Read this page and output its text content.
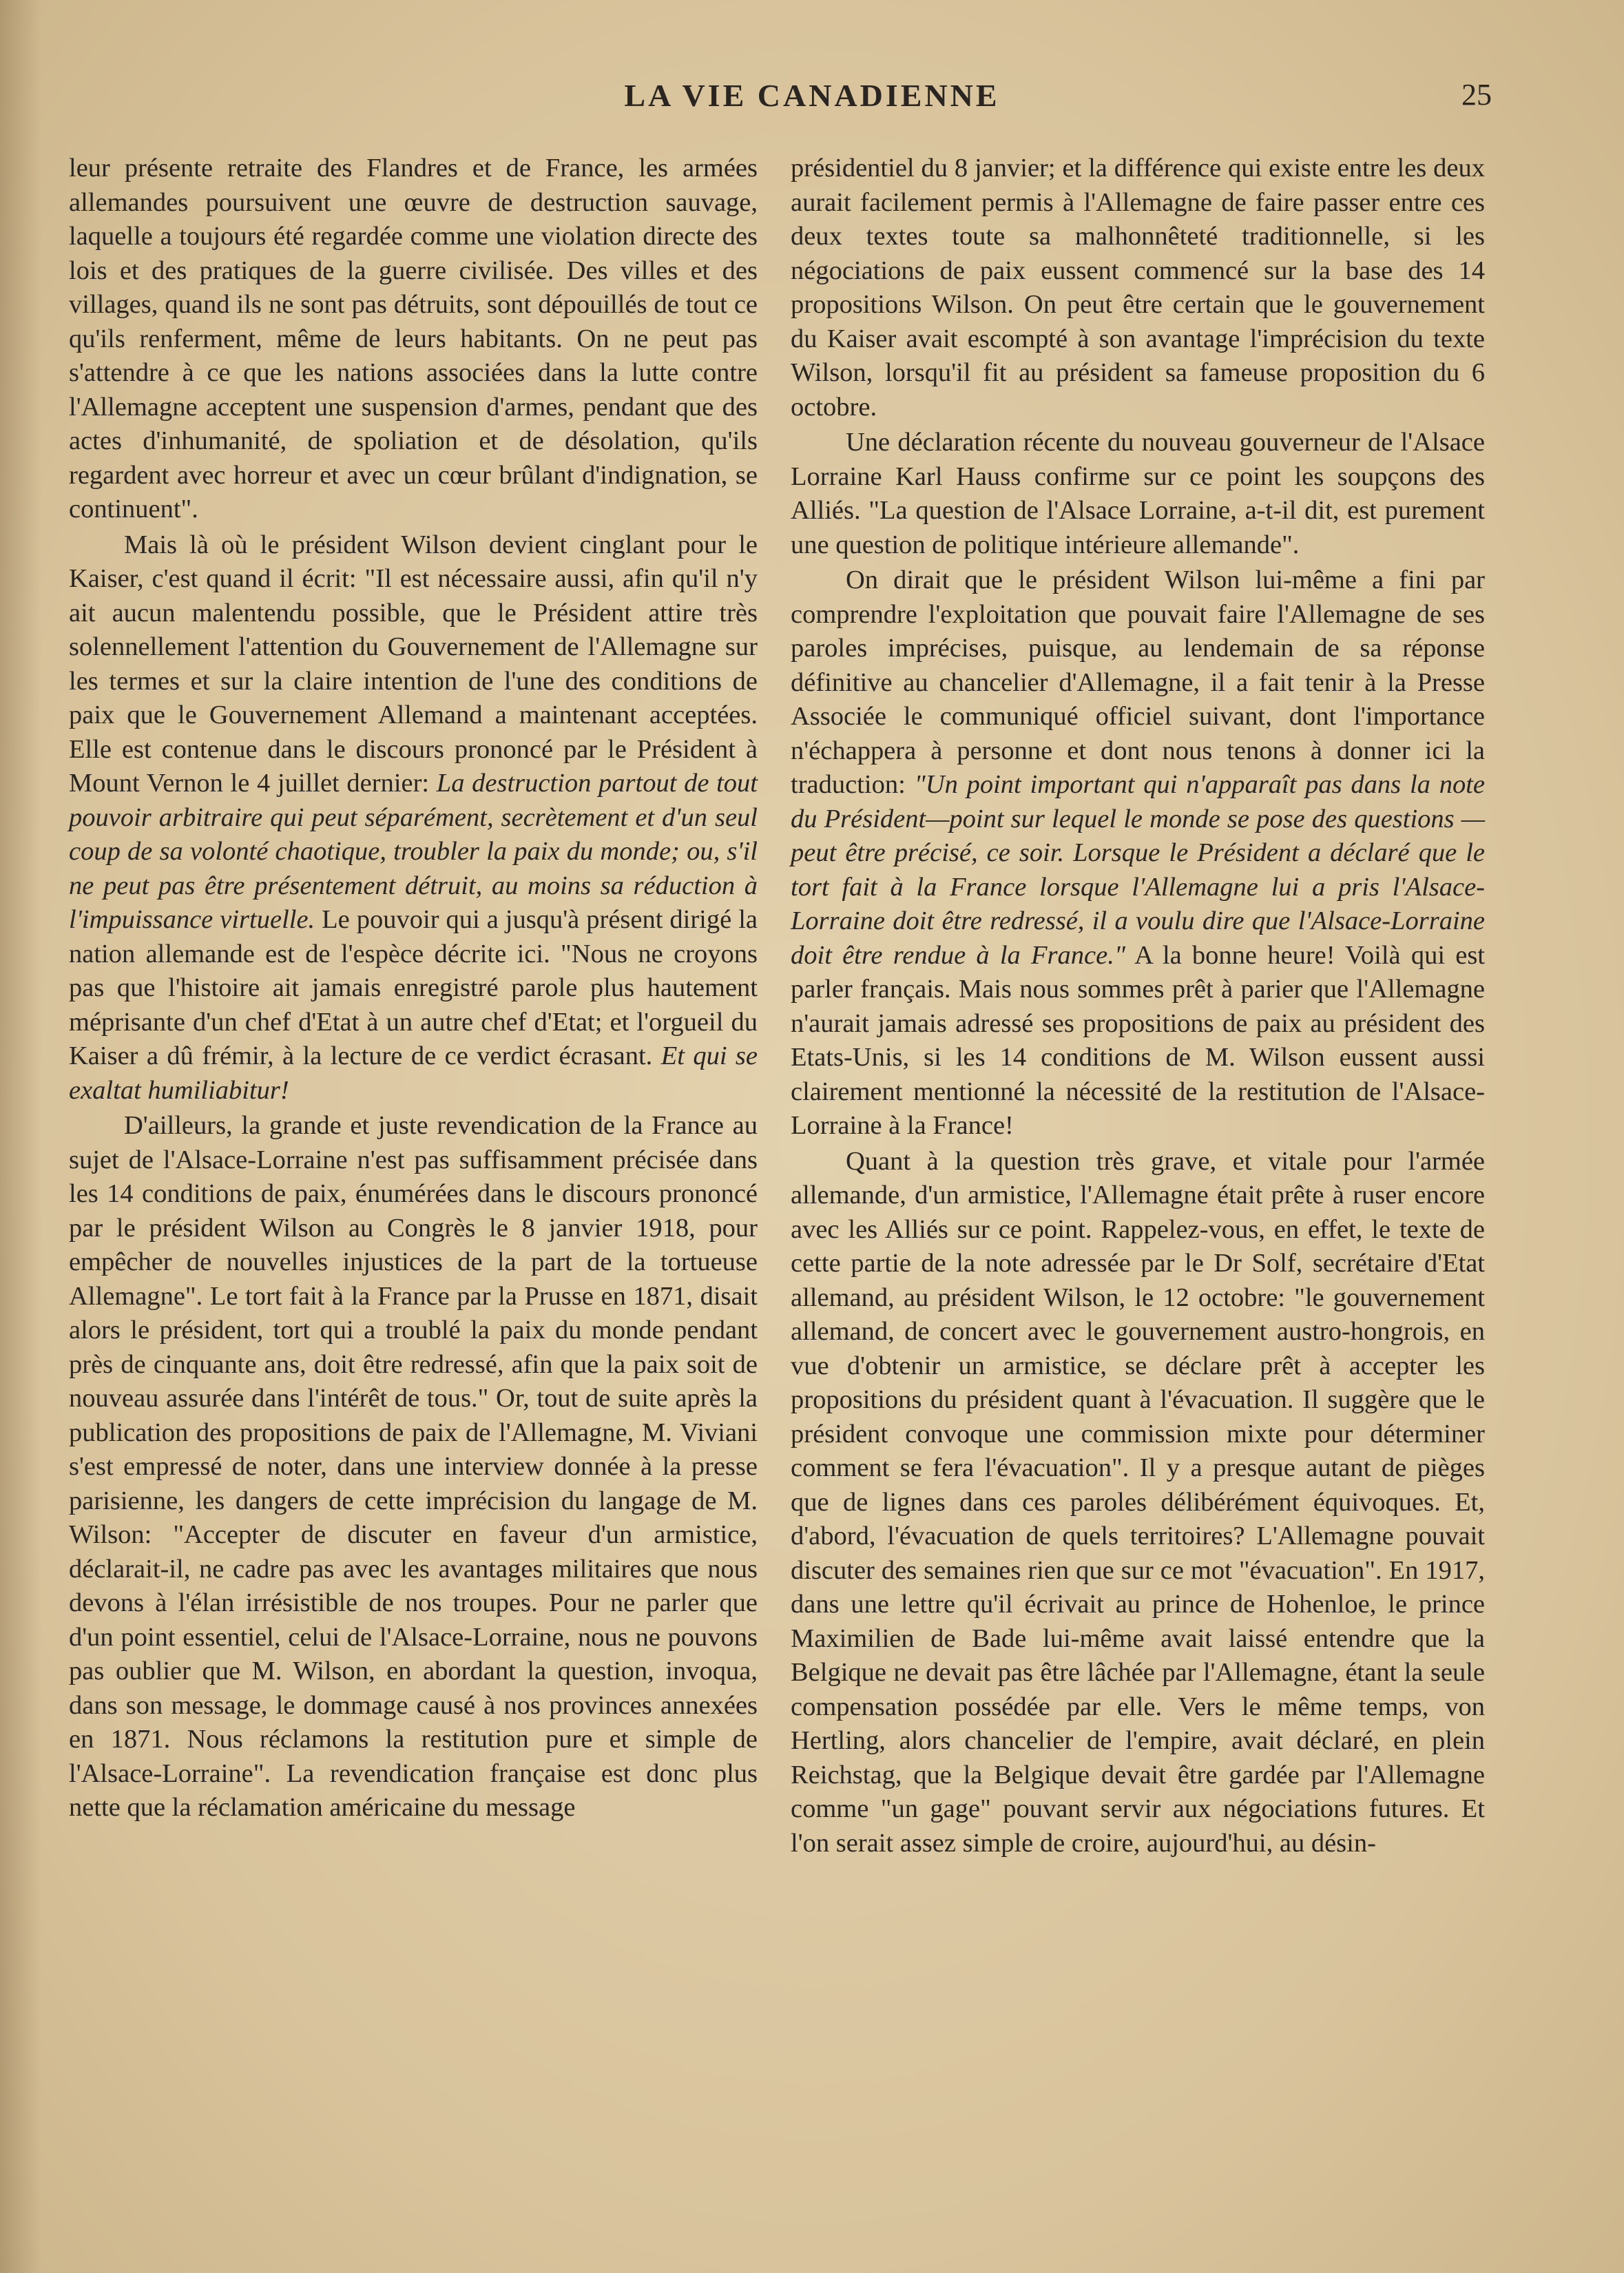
LA VIE CANADIENNE	25

leur présente retraite des Flandres et de France, les armées allemandes poursuivent une œuvre de destruction sauvage, laquelle a toujours été regardée comme une violation directe des lois et des pratiques de la guerre civilisée. Des villes et des villages, quand ils ne sont pas détruits, sont dépouillés de tout ce qu'ils renferment, même de leurs habitants. On ne peut pas s'attendre à ce que les nations associées dans la lutte contre l'Allemagne acceptent une suspension d'armes, pendant que des actes d'inhumanité, de spoliation et de désolation, qu'ils regardent avec horreur et avec un cœur brûlant d'indignation, se continuent".

Mais là où le président Wilson devient cinglant pour le Kaiser, c'est quand il écrit: "Il est nécessaire aussi, afin qu'il n'y ait aucun malentendu possible, que le Président attire très solennellement l'attention du Gouvernement de l'Allemagne sur les termes et sur la claire intention de l'une des conditions de paix que le Gouvernement Allemand a maintenant acceptées. Elle est contenue dans le discours prononcé par le Président à Mount Vernon le 4 juillet dernier: La destruction partout de tout pouvoir arbitraire qui peut séparément, secrètement et d'un seul coup de sa volonté chaotique, troubler la paix du monde; ou, s'il ne peut pas être présentement détruit, au moins sa réduction à l'impuissance virtuelle. Le pouvoir qui a jusqu'à présent dirigé la nation allemande est de l'espèce décrite ici. "Nous ne croyons pas que l'histoire ait jamais enregistré parole plus hautement méprisante d'un chef d'Etat à un autre chef d'Etat; et l'orgueil du Kaiser a dû frémir, à la lecture de ce verdict écrasant. Et qui se exaltat humiliabitur!

D'ailleurs, la grande et juste revendication de la France au sujet de l'Alsace-Lorraine n'est pas suffisamment précisée dans les 14 conditions de paix, énumérées dans le discours prononcé par le président Wilson au Congrès le 8 janvier 1918, pour empêcher de nouvelles injustices de la part de la tortueuse Allemagne". Le tort fait à la France par la Prusse en 1871, disait alors le président, tort qui a troublé la paix du monde pendant près de cinquante ans, doit être redressé, afin que la paix soit de nouveau assurée dans l'intérêt de tous." Or, tout de suite après la publication des propositions de paix de l'Allemagne, M. Viviani s'est empressé de noter, dans une interview donnée à la presse parisienne, les dangers de cette imprécision du langage de M. Wilson: "Accepter de discuter en faveur d'un armistice, déclarait-il, ne cadre pas avec les avantages militaires que nous devons à l'élan irrésistible de nos troupes. Pour ne parler que d'un point essentiel, celui de l'Alsace-Lorraine, nous ne pouvons pas oublier que M. Wilson, en abordant la question, invoqua, dans son message, le dommage causé à nos provinces annexées en 1871. Nous réclamons la restitution pure et simple de l'Alsace-Lorraine". La revendication française est donc plus nette que la réclamation américaine du message

présidentiel du 8 janvier; et la différence qui existe entre les deux aurait facilement permis à l'Allemagne de faire passer entre ces deux textes toute sa malhonnêteté traditionnelle, si les négociations de paix eussent commencé sur la base des 14 propositions Wilson. On peut être certain que le gouvernement du Kaiser avait escompté à son avantage l'imprécision du texte Wilson, lorsqu'il fit au président sa fameuse proposition du 6 octobre.

Une déclaration récente du nouveau gouverneur de l'Alsace Lorraine Karl Hauss confirme sur ce point les soupçons des Alliés. "La question de l'Alsace Lorraine, a-t-il dit, est purement une question de politique intérieure allemande".

On dirait que le président Wilson lui-même a fini par comprendre l'exploitation que pouvait faire l'Allemagne de ses paroles imprécises, puisque, au lendemain de sa réponse définitive au chancelier d'Allemagne, il a fait tenir à la Presse Associée le communiqué officiel suivant, dont l'importance n'échappera à personne et dont nous tenons à donner ici la traduction: "Un point important qui n'apparaît pas dans la note du Président—point sur lequel le monde se pose des questions —peut être précisé, ce soir. Lorsque le Président a déclaré que le tort fait à la France lorsque l'Allemagne lui a pris l'Alsace-Lorraine doit être redressé, il a voulu dire que l'Alsace-Lorraine doit être rendue à la France." A la bonne heure! Voilà qui est parler français. Mais nous sommes prêt à parier que l'Allemagne n'aurait jamais adressé ses propositions de paix au président des Etats-Unis, si les 14 conditions de M. Wilson eussent aussi clairement mentionné la nécessité de la restitution de l'Alsace-Lorraine à la France!

Quant à la question très grave, et vitale pour l'armée allemande, d'un armistice, l'Allemagne était prête à ruser encore avec les Alliés sur ce point. Rappelez-vous, en effet, le texte de cette partie de la note adressée par le Dr Solf, secrétaire d'Etat allemand, au président Wilson, le 12 octobre: "le gouvernement allemand, de concert avec le gouvernement austro-hongrois, en vue d'obtenir un armistice, se déclare prêt à accepter les propositions du président quant à l'évacuation. Il suggère que le président convoque une commission mixte pour déterminer comment se fera l'évacuation". Il y a presque autant de pièges que de lignes dans ces paroles délibérément équivoques. Et, d'abord, l'évacuation de quels territoires? L'Allemagne pouvait discuter des semaines rien que sur ce mot "évacuation". En 1917, dans une lettre qu'il écrivait au prince de Hohenloe, le prince Maximilien de Bade lui-même avait laissé entendre que la Belgique ne devait pas être lâchée par l'Allemagne, étant la seule compensation possédée par elle. Vers le même temps, von Hertling, alors chancelier de l'empire, avait déclaré, en plein Reichstag, que la Belgique devait être gardée par l'Allemagne comme "un gage" pouvant servir aux négociations futures. Et l'on serait assez simple de croire, aujourd'hui, au désin-
